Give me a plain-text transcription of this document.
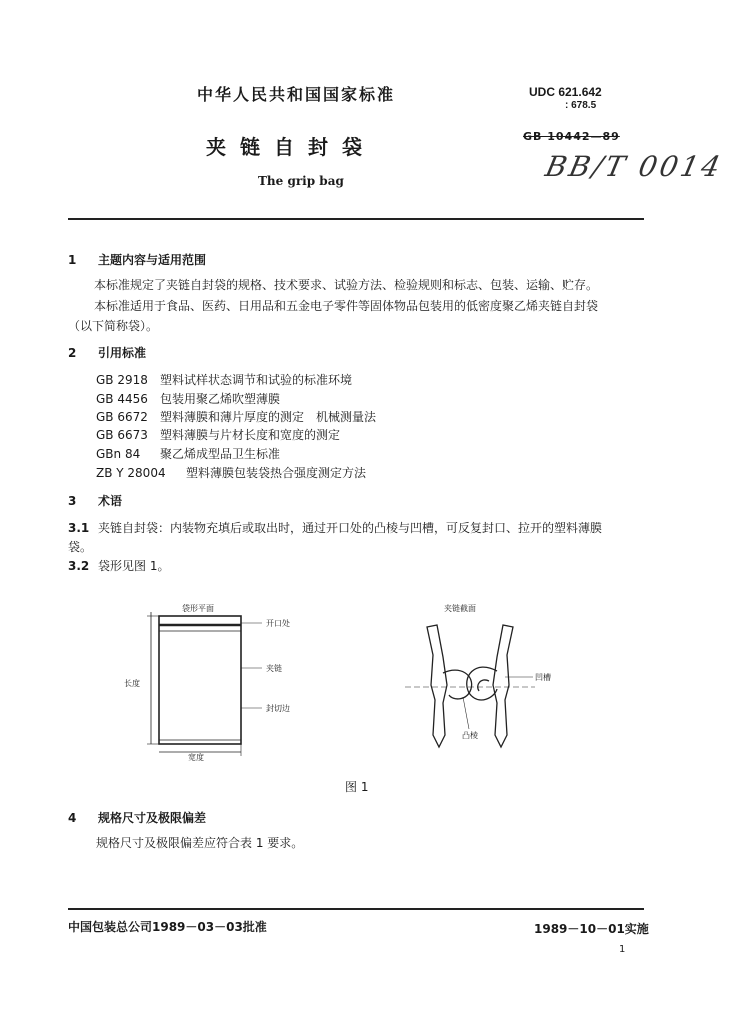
中华人民共和国国家标准	UDC 621.642
: 678.5
夹链自封袋	GB 10442—89
BB/T 0014
The grip bag
1 主题内容与适用范围
本标准规定了夹链自封袋的规格、技术要求、试验方法、检验规则和标志、包装、运输、贮存。
本标准适用于食品、医药、日用品和五金电子零件等固体物品包装用的低密度聚乙烯夹链自封袋
（以下简称袋）。
2 引用标准
GB 2918 塑料试样状态调节和试验的标准环境
GB 4456 包装用聚乙烯吹塑薄膜
GB 6672 塑料薄膜和薄片厚度的测定　机械测量法
GB 6673 塑料薄膜与片材长度和宽度的测定
GBn 84 聚乙烯成型品卫生标准
ZB Y 28004 塑料薄膜包装袋热合强度测定方法
3 术语
3.1 夹链自封袋：内装物充填后或取出时，通过开口处的凸棱与凹槽，可反复封口、拉开的塑料薄膜
袋。
3.2 袋形见图 1。
袋形平面
开口处
夹链
封切边
长度
宽度
夹链截面
凹槽
凸棱
图 1
4 规格尺寸及极限偏差
规格尺寸及极限偏差应符合表 1 要求。
中国包装总公司1989－03－03批准	1989－10－01实施
1
